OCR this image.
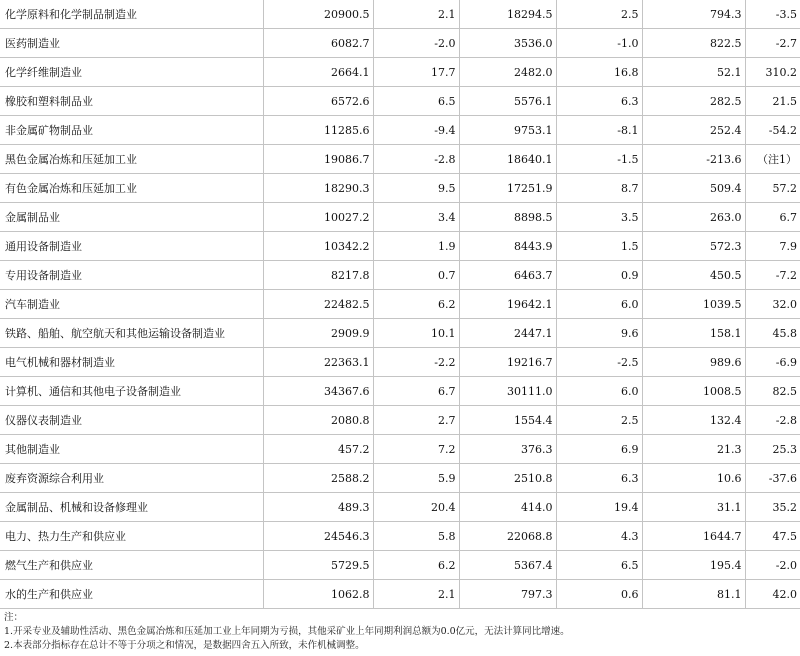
化学原料和化学制品制造业	20900.5	2.1	18294.5	2.5	794.3	-3.5
医药制造业	6082.7	-2.0	3536.0	-1.0	822.5	-2.7
化学纤维制造业	2664.1	17.7	2482.0	16.8	52.1	310.2
橡胶和塑料制品业	6572.6	6.5	5576.1	6.3	282.5	21.5
非金属矿物制品业	11285.6	-9.4	9753.1	-8.1	252.4	-54.2
黑色金属冶炼和压延加工业	19086.7	-2.8	18640.1	-1.5	-213.6	（注1）
有色金属冶炼和压延加工业	18290.3	9.5	17251.9	8.7	509.4	57.2
金属制品业	10027.2	3.4	8898.5	3.5	263.0	6.7
通用设备制造业	10342.2	1.9	8443.9	1.5	572.3	7.9
专用设备制造业	8217.8	0.7	6463.7	0.9	450.5	-7.2
汽车制造业	22482.5	6.2	19642.1	6.0	1039.5	32.0
铁路、船舶、航空航天和其他运输设备制造业	2909.9	10.1	2447.1	9.6	158.1	45.8
电气机械和器材制造业	22363.1	-2.2	19216.7	-2.5	989.6	-6.9
计算机、通信和其他电子设备制造业	34367.6	6.7	30111.0	6.0	1008.5	82.5
仪器仪表制造业	2080.8	2.7	1554.4	2.5	132.4	-2.8
其他制造业	457.2	7.2	376.3	6.9	21.3	25.3
废弃资源综合利用业	2588.2	5.9	2510.8	6.3	10.6	-37.6
金属制品、机械和设备修理业	489.3	20.4	414.0	19.4	31.1	35.2
电力、热力生产和供应业	24546.3	5.8	22068.8	4.3	1644.7	47.5
燃气生产和供应业	5729.5	6.2	5367.4	6.5	195.4	-2.0
水的生产和供应业	1062.8	2.1	797.3	0.6	81.1	42.0
注：
1.开采专业及辅助性活动、黑色金属冶炼和压延加工业上年同期为亏损，其他采矿业上年同期利润总额为0.0亿元，无法计算同比增速。
2.本表部分指标存在总计不等于分项之和情况，是数据四舍五入所致，未作机械调整。
